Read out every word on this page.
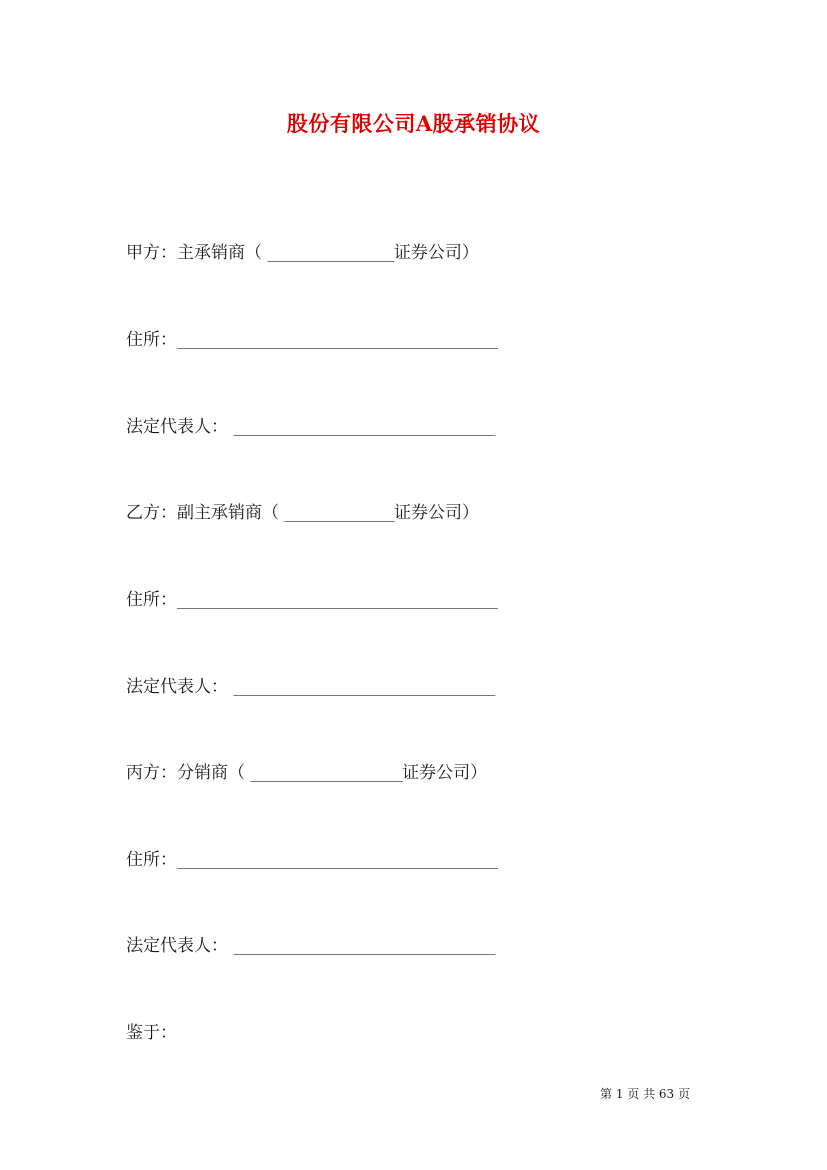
股份有限公司A股承销协议
甲方：主承销商（ _______________证券公司）
住所：______________________________________
法定代表人： _______________________________
乙方：副主承销商（ _____________证券公司）
住所：______________________________________
法定代表人： _______________________________
丙方：分销商（ __________________证券公司）
住所：______________________________________
法定代表人： _______________________________
鉴于：
第 1 页 共 63 页
